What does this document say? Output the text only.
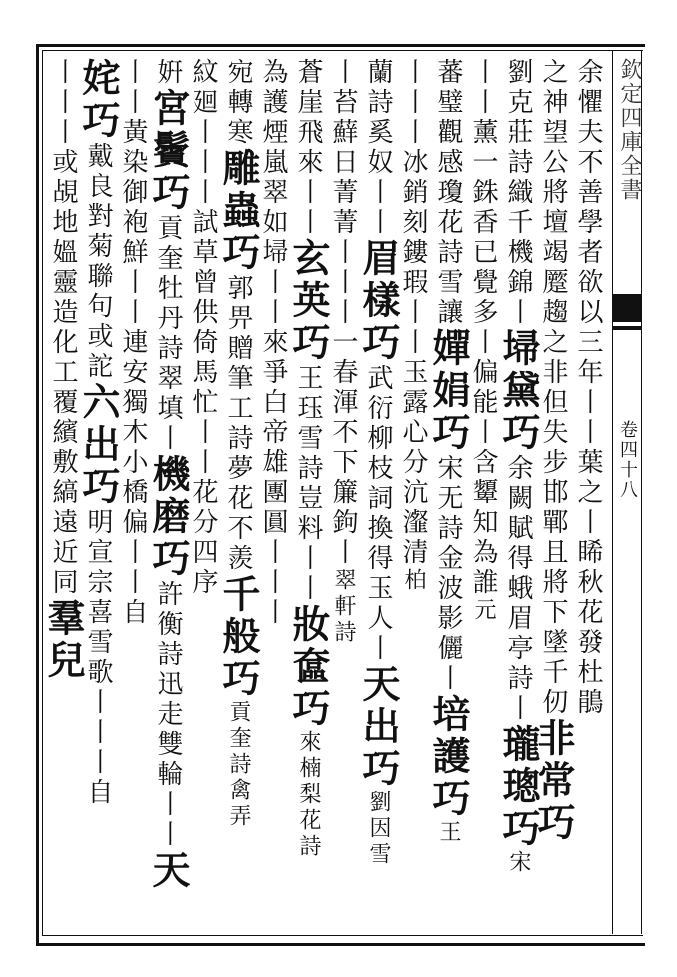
欽定四庫全書
卷四十八
余懼夫不善學者欲以三年丨丨葉之丨睎秋花發杜鵑
之神望公將壇竭蹷趨之非但失步邯鄲且將下墜千仞非常巧
劉克莊詩織千機錦丨埽黛巧余闕賦得蛾眉亭詩丨瓏璁巧宋
丨丨薰一銖香已覺多丨偏能丨含顰知為誰元
蕃璧觀感瓊花詩雪讓嬋娟巧宋无詩金波影儷丨培護巧王
丨丨丨冰銷刻鏤瑕丨丨玉露心分沆瀣清柏
蘭詩奚奴丨丨眉樣巧武衍柳枝詞換得玉人丨天出巧劉因雪
丨苔蘚日菁菁丨丨丨一春渾不下簾鉤丨翠軒詩
蒼崖飛來丨丨玄英巧王珏雪詩豈料丨丨妝奩巧來楠梨花詩
為護煙嵐翠如埽丨丨來爭白帝雄團圓丨丨丨
宛轉寒雕蟲巧郭畀贈筆工詩夢花不羨千般巧貢奎詩禽弄
紋廻丨丨丨試草曾供倚馬忙丨丨花分四序
姸宮鬢巧貢奎牡丹詩翠填丨機磨巧許衡詩迅走雙輪丨丨天
丨丨黃染御袍鮮丨丨連安獨木小橋偏丨丨自
姹巧戴良對菊聯句或詑六出巧明宣宗喜雪歌丨丨丨自
丨丨丨或覘地媼靈造化工覆繽敷縞遠近同羣兒
